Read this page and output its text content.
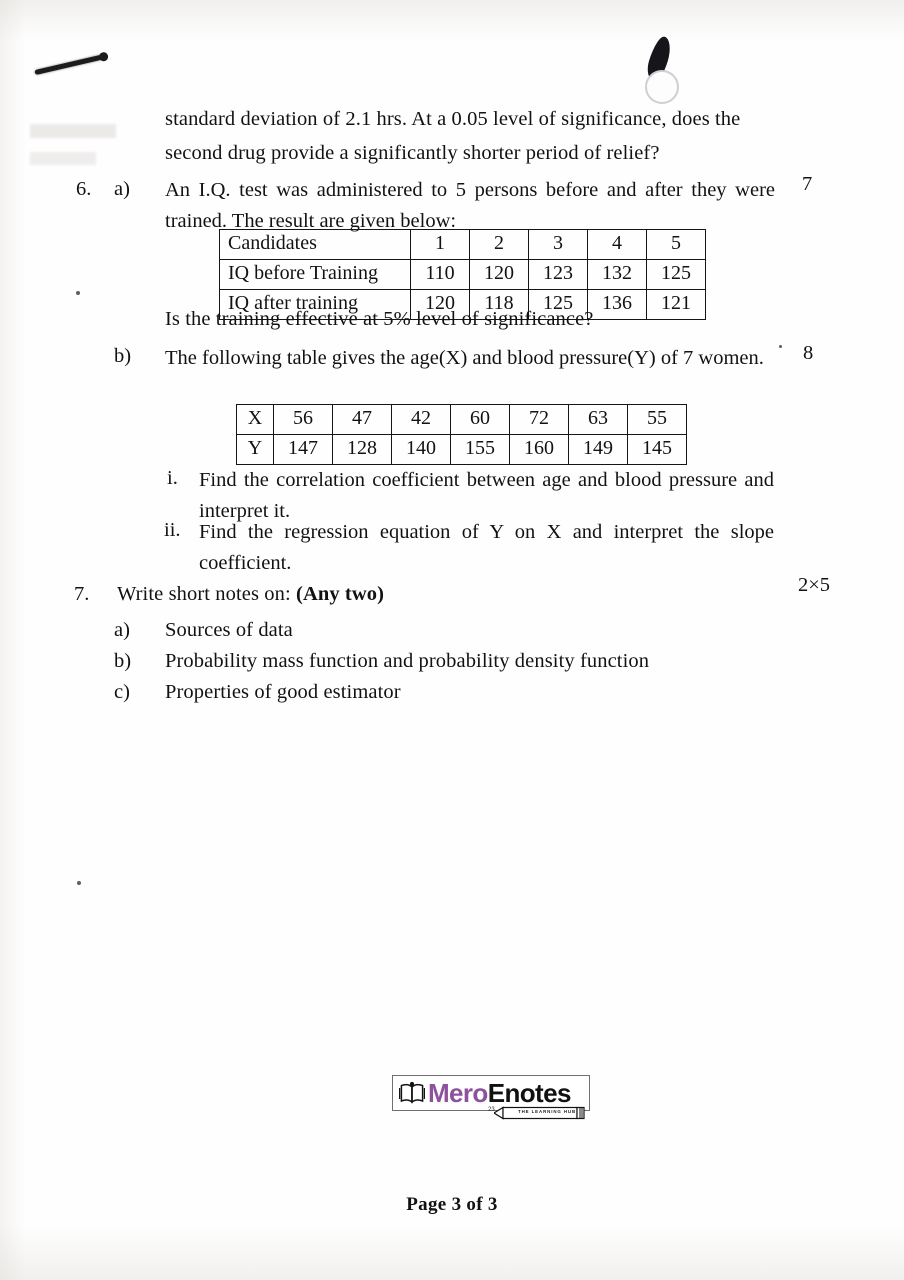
standard deviation of 2.1 hrs. At a 0.05 level of significance, does the
second drug provide a significantly shorter period of relief?
6. a) An I.Q. test was administered to 5 persons before and after they were trained. The result are given below:
7
Candidates	1	2	3	4	5
IQ before Training	110	120	123	132	125
IQ after training	120	118	125	136	121
Is the training effective at 5% level of significance?
b) The following table gives the age(X) and blood pressure(Y) of 7 women.	8
X	56	47	42	60	72	63	55
Y	147	128	140	155	160	149	145
i. Find the correlation coefficient between age and blood pressure and interpret it.
ii. Find the regression equation of Y on X and interpret the slope coefficient.
7. Write short notes on: (Any two)	2×5
a) Sources of data
b) Probability mass function and probability density function
c) Properties of good estimator
MeroEnotes
23	THE LEARNING HUB
Page 3 of 3
